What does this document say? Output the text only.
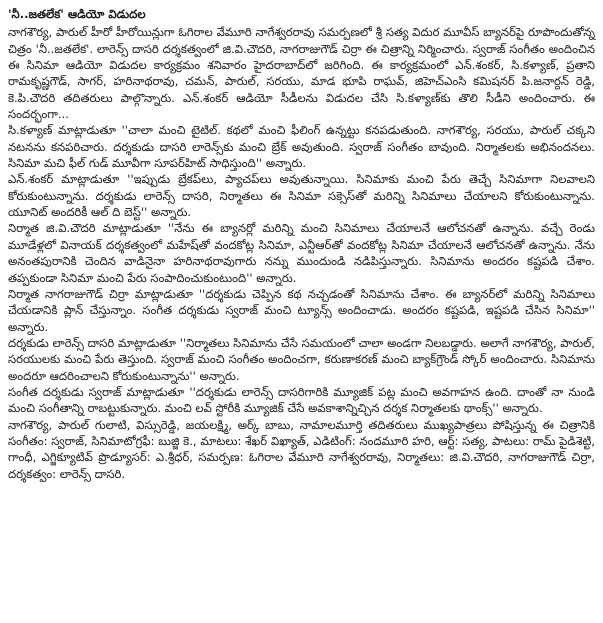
'నీ..జతలేక' ఆడియో విడుదల

నాగశౌర్య, పారుల్ హీరో హీరోయిన్లుగా ఓగిరాల వేమూరి నాగేశ్వరరావు సమర్పణలో శ్రీ సత్య విదుర మూవీస్ బ్యానర్‌పై రూపొందుతోన్న చిత్రం 'నీ..జతలేక'. లారెన్స్ దాసరి దర్శకత్వంలో జి.వి.చౌదరి, నాగరాజుగౌడ్ చిర్రా ఈ చిత్రాన్ని నిర్మించారు. స్వరాజ్ సంగీతం అందించిన ఈ సినిమా ఆడియో విడుదల కార్యక్రమం శనివారం హైదరాబాద్‌లో జరిగింది. ఈ కార్యక్రమంలో ఎన్.శంకర్, సి.కళ్యాణ్, ప్రతాని రామకృష్ణగౌడ్, సాగర్, హరినాథరావు, చమన్, పారుల్, సరయు, మాడ భూపి రాఘవ్, జిహెచ్ఎంసి కమిషనర్ పి.జనార్దన్ రెడ్డి, కె.పి.చౌదరి తదితరులు పాల్గొన్నారు. ఎన్.శంకర్ ఆడియో సీడీలను విడుదల చేసి సి.కళ్యాణ్‌కు తొలి సీడీని అందించారు. ఈ సందర్భంగా...

సి.కళ్యాణ్ మాట్లాడుతూ ''చాలా మంచి టైటిల్. కథలో మంచి ఫీలింగ్ ఉన్నట్టు కనపడుతుంది. నాగశౌర్య, సరయు, పారుల్ చక్కని నటనను కనపరిచారు. దర్శకుడు దాసరి లారెన్స్‌కు మంచి బ్రేక్ అవుతుంది. స్వరాజ్ సంగీతం బావుంది. నిర్మాతలకు అభినందనలు. సినిమా మచి ఫీల్ గుడ్ మూవీగా సూపర్‌హిట్ సాధిస్తుంది'' అన్నారు.

ఎన్.శంకర్ మాట్లాడుతూ ''ఇప్పుడు బ్రేకప్‌లు, ప్యాచప్‌లు అవుతున్నాయి. సినిమాకు మంచి పేరు తెచ్చే సినిమాగా నిలవాలని కోరుకుంటున్నాను. దర్శకుడు లారెన్స్ దాసరి, నిర్మాతలు ఈ సినిమా సక్సెస్‌తో మరిన్ని సినిమాలు చేయాలని కోరుకుంటున్నాను. యూనిట్ అందరికీ ఆల్ ది బెస్ట్'' అన్నారు.

నిర్మాత జి.వి.చౌదరి మాట్లాడుతూ ''నేను ఈ బ్యానర్లో మరిన్ని మంచి సినిమాలు చేయాలనే ఆలోచనతో ఉన్నాను. వచ్చే రెండు మూడేళ్లలో వినాయక్ దర్శకత్వంలో మహేష్‌తో వందకోట్ల సినిమా, ఎన్టీఆర్‌తో వందకోట్ల సినిమా చేయాలనే ఆలోచనతో ఉన్నాను. నేను అనంతపురానికి చెందిన వాడినైనా హరినాథరావుగారు నన్ను ముందుండి నడిపిస్తున్నారు. సినిమాను అందరం కష్టపడి చేశాం. తప్పకుండా సినిమా మంచి పేరు సంపాదించుకుంటుంది'' అన్నారు.

నిర్మాత నాగరాజుగౌడ్ చిర్రా మాట్లాడుతూ ''దర్శకుడు చెప్పిన కథ నచ్చడంతో సినిమాను చేశాం. ఈ బ్యానర్‌లో మరిన్ని సినిమాలు చేయడానికి ప్లాన్ చేస్తున్నాం. సంగీత దర్శకుడు స్వరాజ్ మంచి ట్యూన్స్ అందించాడు. అందరం కష్టపడి, ఇష్టపడి చేసిన సినిమా'' అన్నారు.

దర్శకుడు లారెన్స్ దాసరి మాట్లాడుతూ ''నిర్మాతలు సినిమాను చేసే సమయంలో చాలా అండగా నిలబడ్డారు. అలాగే నాగశౌర్య, పారుల్, సరయులకు మంచి పేరు తెస్తుంది. స్వరాజ్ మంచి సంగీతం అందించగా, కరుణాకరణ్ మంచి బ్యాక్‌గ్రౌండ్ స్కోర్ అందించారు. సినిమాను అందరూ ఆదరించాలని కోరుకుంటున్నాను'' అన్నారు.

సంగీత దర్శకుడు స్వరాజ్ మాట్లాడుతూ ''దర్శకుడు లారెన్స్ దాసరిగారికి మ్యూజిక్ పట్ల మంచి అవగాహన ఉంది. దాంతో నా నుండి మంచి సంగీతాన్ని రాబట్టుకున్నారు. మంచి లవ్ స్టోరీకి మ్యూజిక్ చేసే అవకాశాన్నిచ్చిన దర్శక నిర్మాతలకు థాంక్స్'' అన్నారు.

నాగశౌర్య, పారుల్ గులాటి, విస్సురెడ్డి, జయలక్ష్మి, అర్క్ బాబు, నామాలమూర్తి తదితరులు ముఖ్యపాత్రలు పోషిస్తున్న ఈ చిత్రానికి సంగీతం: స్వరాజ్, సినిమాటోగ్రఫీ: బుజ్జి కె., మాటలు: శేఖర్ విఖ్యాత్, ఎడిటింగ్: నందమూరి హరి, ఆర్ట్: సత్య, పాటలు: రామ్ పైడిశెట్టి, గాంధీ, ఎగ్జిక్యూటివ్ ప్రొడ్యూసర్: ఎ.శ్రీధర్, సమర్పణ: ఓగిరాల వేమూరి నాగేశ్వరరావు, నిర్మాతలు: జి.వి.చౌదరి, నాగరాజుగౌడ్ చిర్రా, దర్శకత్వం: లారెన్స్ దాసరి.
